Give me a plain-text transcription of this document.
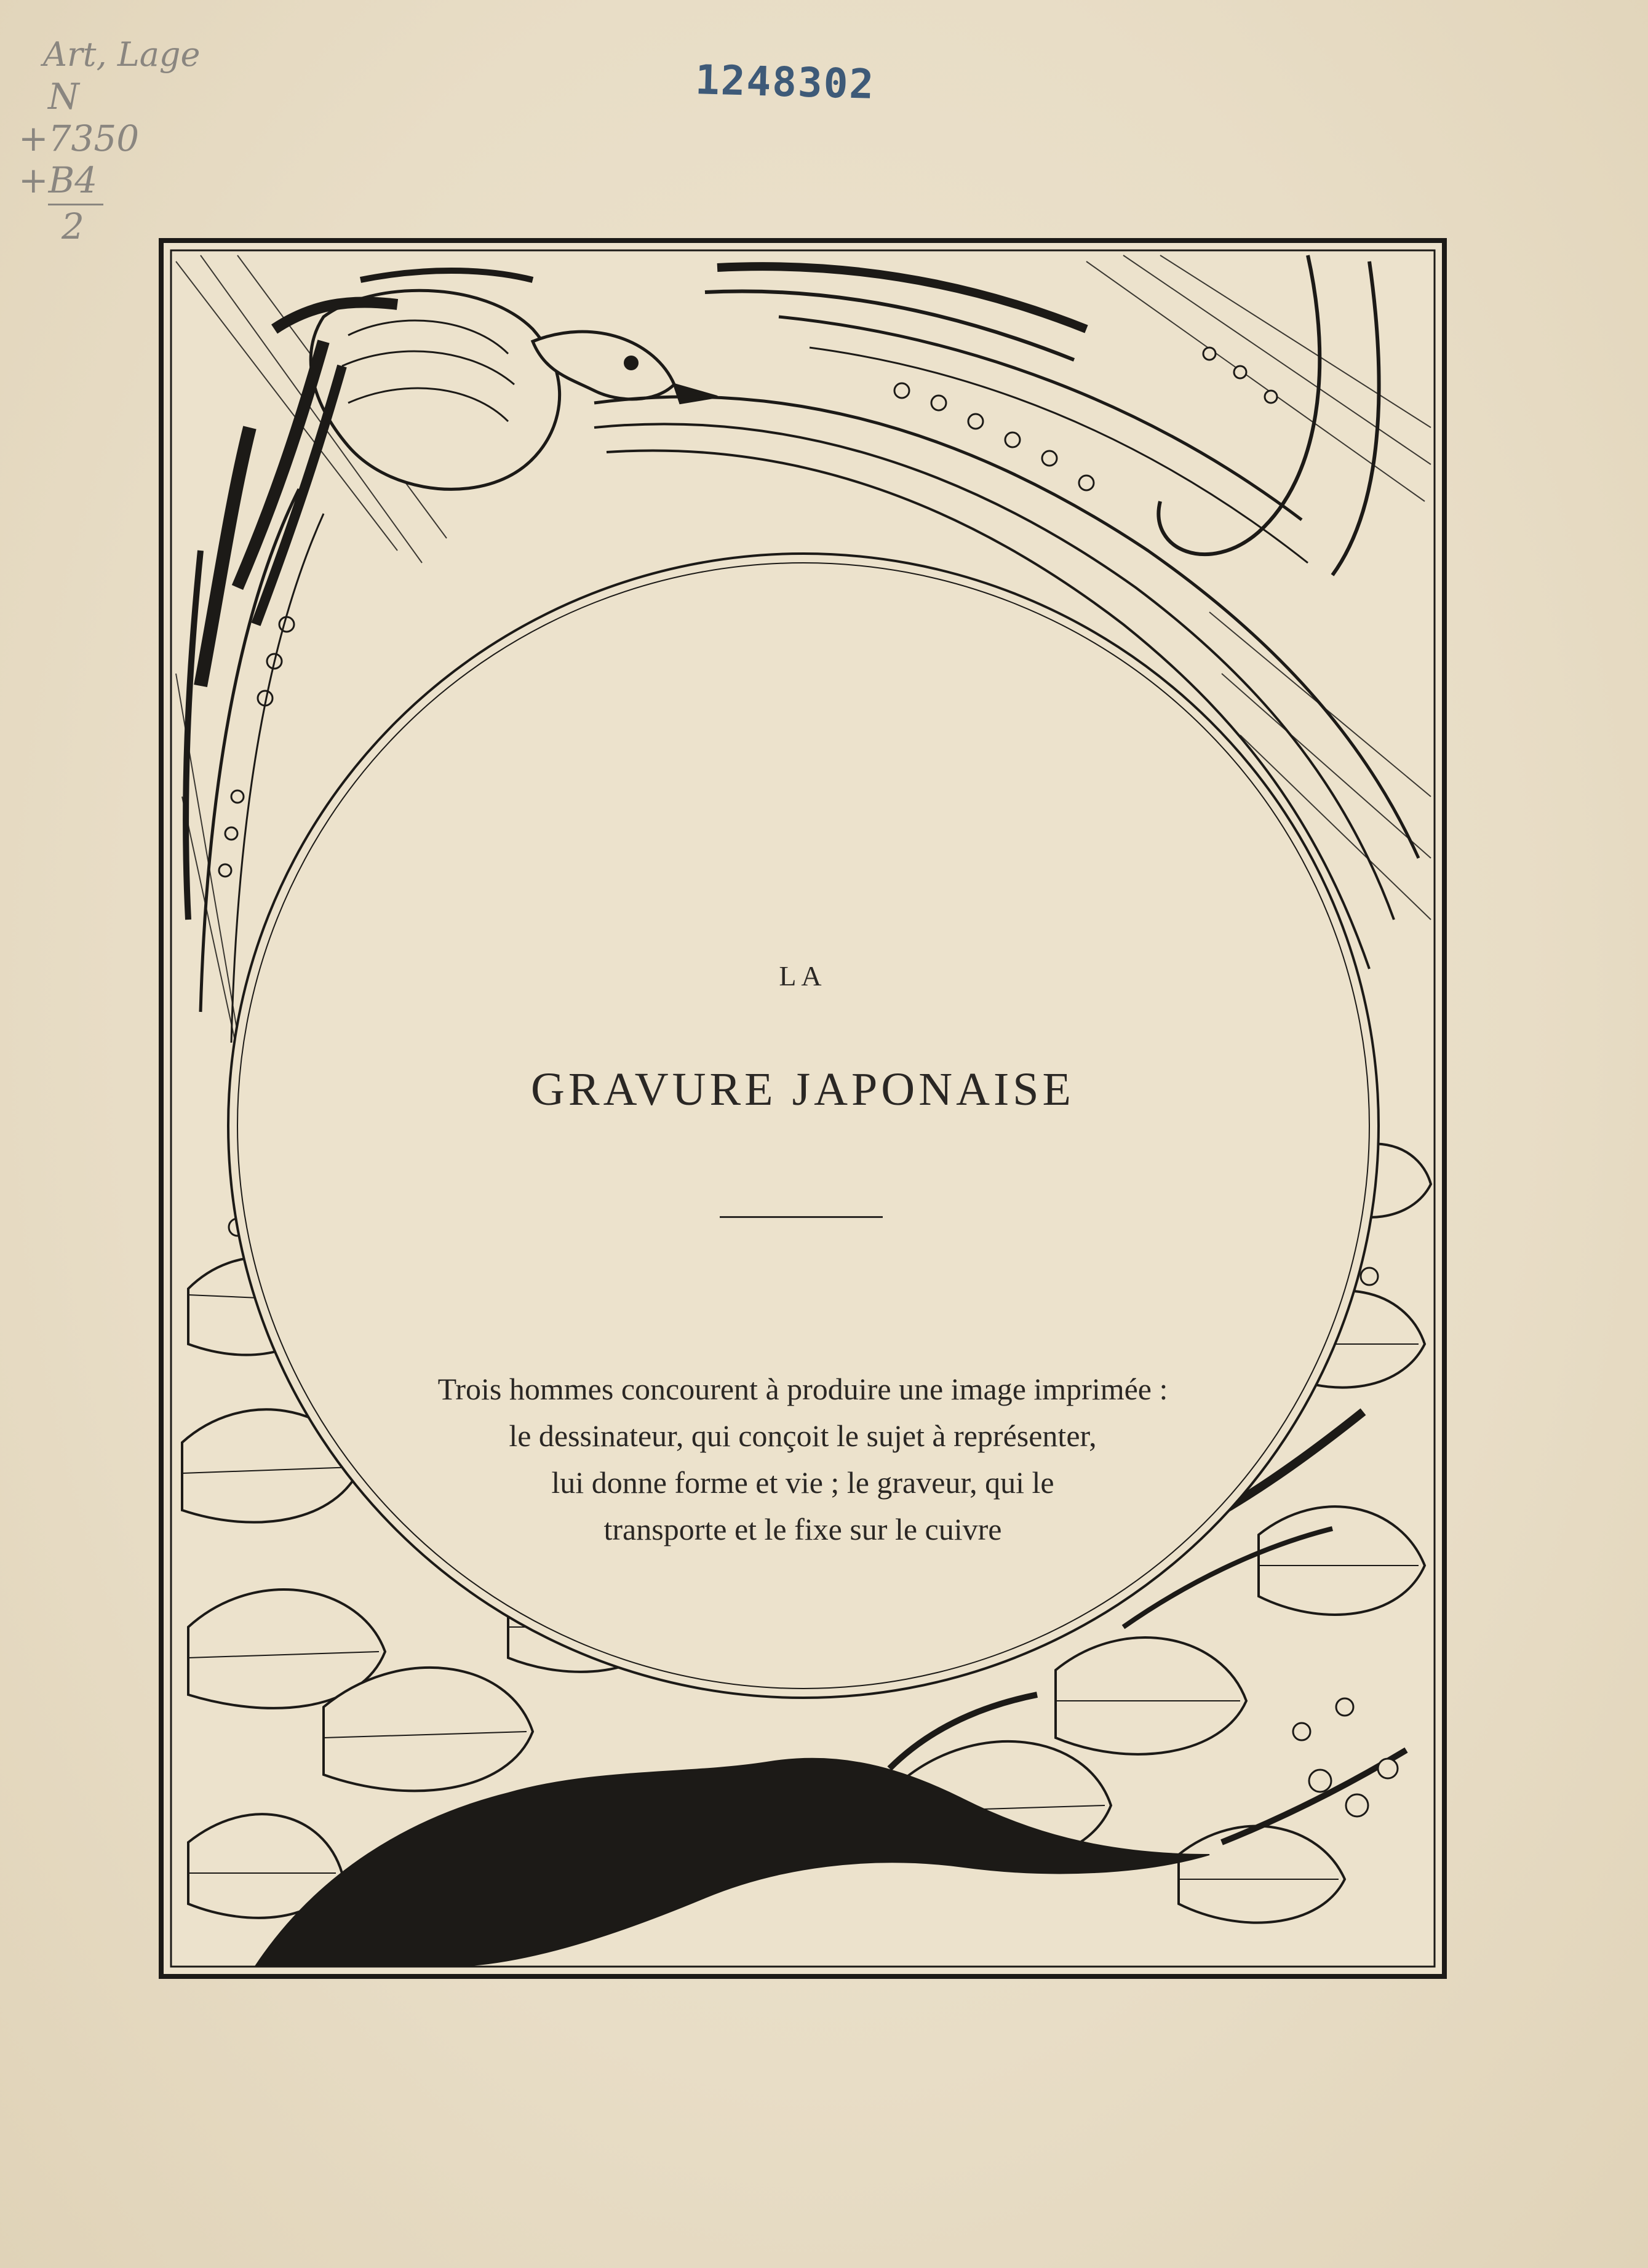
Art, Lage
N
+7350
+B4
2
1248302
LA
GRAVURE JAPONAISE
Trois hommes concourent à produire une image imprimée :
le dessinateur, qui conçoit le sujet à représenter,
lui donne forme et vie ; le graveur, qui le
transporte et le fixe sur le cuivre
